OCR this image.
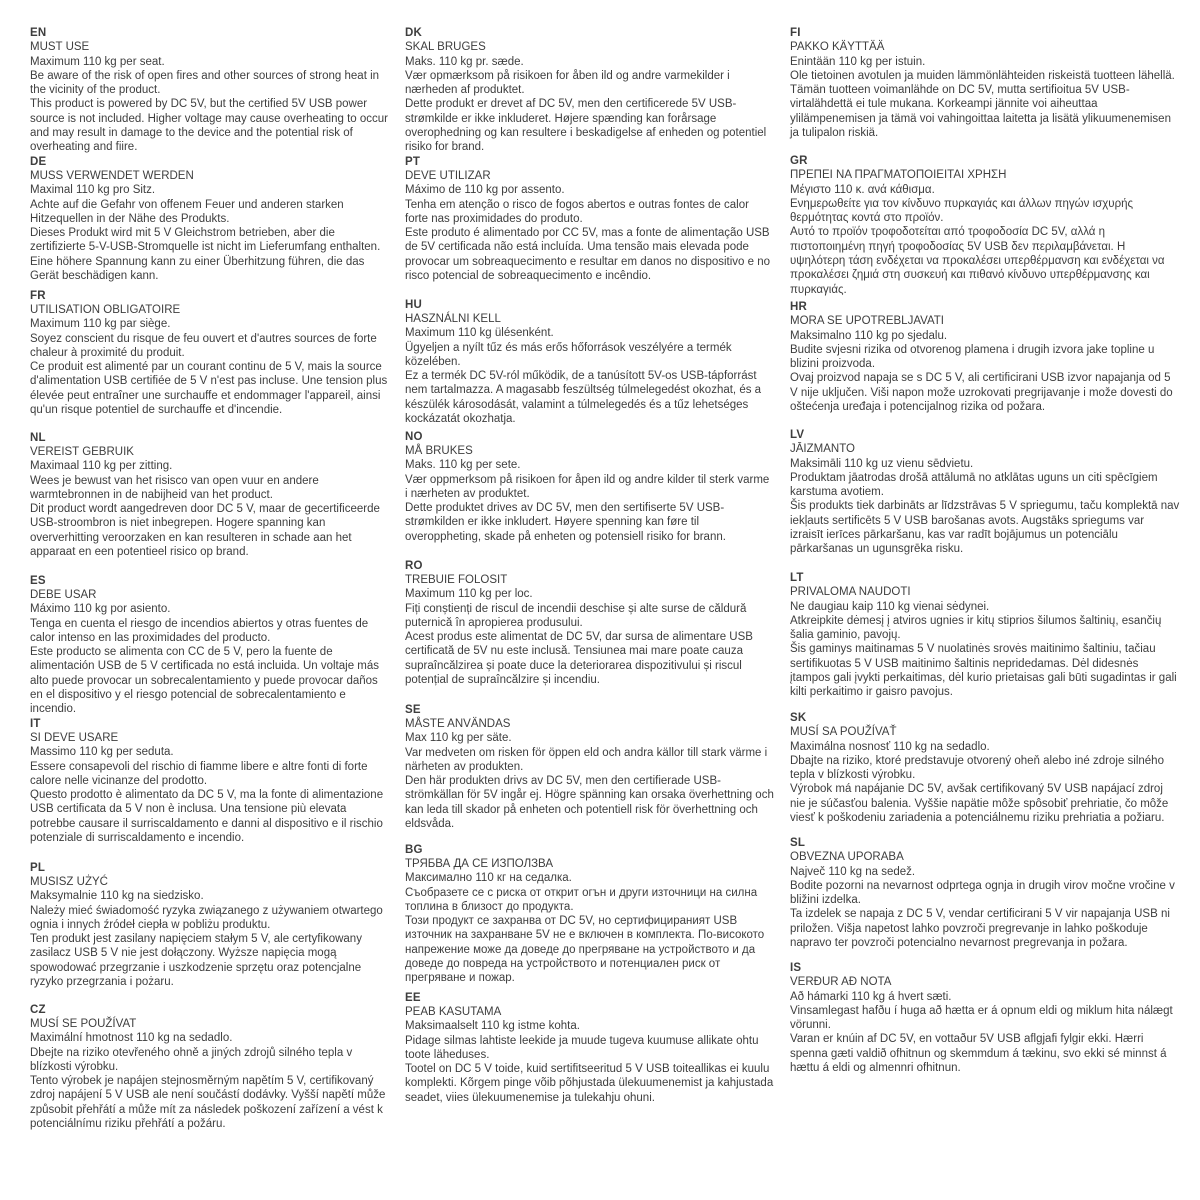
EN
MUST USE

Maximum 110 kg per seat.

Be aware of the risk of open fires and other sources of strong heat in the vicinity of the product.

This product is powered by DC 5V, but the certified 5V USB power source is not included. Higher voltage may cause overheating to occur and may result in damage to the device and the potential risk of overheating and fiire.

DE
MUSS VERWENDET WERDEN

Maximal 110 kg pro Sitz.

Achte auf die Gefahr von offenem Feuer und anderen starken Hitzequellen in der Nähe des Produkts.

Dieses Produkt wird mit 5 V Gleichstrom betrieben, aber die zertifizierte 5-V-USB-Stromquelle ist nicht im Lieferumfang enthalten. Eine höhere Spannung kann zu einer Überhitzung führen, die das Gerät beschädigen kann.

FR
UTILISATION OBLIGATOIRE

Maximum 110 kg par siège.

Soyez conscient du risque de feu ouvert et d'autres sources de forte chaleur à proximité du produit.

Ce produit est alimenté par un courant continu de 5 V, mais la source d'alimentation USB certifiée de 5 V n'est pas incluse. Une tension plus élevée peut entraîner une surchauffe et endommager l'appareil, ainsi qu'un risque potentiel de surchauffe et d'incendie.

NL
VEREIST GEBRUIK

Maximaal 110 kg per zitting.

Wees je bewust van het risisco van open vuur en andere warmtebronnen in de nabijheid van het product.

Dit product wordt aangedreven door DC 5 V, maar de gecertificeerde USB-stroombron is niet inbegrepen. Hogere spanning kan oververhitting veroorzaken en kan resulteren in schade aan het apparaat en een potentieel risico op brand.

ES
DEBE USAR

Máximo 110 kg por asiento.

Tenga en cuenta el riesgo de incendios abiertos y otras fuentes de calor intenso en las proximidades del producto.

Este producto se alimenta con CC de 5 V, pero la fuente de alimentación USB de 5 V certificada no está incluida. Un voltaje más alto puede provocar un sobrecalentamiento y puede provocar daños en el dispositivo y el riesgo potencial de sobrecalentamiento e incendio.

IT
SI DEVE USARE

Massimo 110 kg per seduta.

Essere consapevoli del rischio di fiamme libere e altre fonti di forte calore nelle vicinanze del prodotto.

Questo prodotto è alimentato da DC 5 V, ma la fonte di alimentazione USB certificata da 5 V non è inclusa. Una tensione più elevata potrebbe causare il surriscaldamento e danni al dispositivo e il rischio potenziale di surriscaldamento e incendio.

PL
MUSISZ UŻYĆ

Maksymalnie 110 kg na siedzisko.

Należy mieć świadomość ryzyka związanego z używaniem otwartego ognia i innych źródeł ciepła w pobliżu produktu.

Ten produkt jest zasilany napięciem stałym 5 V, ale certyfikowany zasilacz USB 5 V nie jest dołączony. Wyższe napięcia mogą spowodować przegrzanie i uszkodzenie sprzętu oraz potencjalne ryzyko przegrzania i pożaru.

CZ
MUSÍ SE POUŽÍVAT

Maximální hmotnost 110 kg na sedadlo.

Dbejte na riziko otevřeného ohně a jiných zdrojů silného tepla v blízkosti výrobku.

Tento výrobek je napájen stejnosměrným napětím 5 V, certifikovaný zdroj napájení 5 V USB ale není součástí dodávky. Vyšší napětí může způsobit přehřátí a může mít za následek poškození zařízení a vést k potenciálnímu riziku přehřátí a požáru.

DK
SKAL BRUGES

Maks. 110 kg pr. sæde.

Vær opmærksom på risikoen for åben ild og andre varmekilder i nærheden af produktet.

Dette produkt er drevet af DC 5V, men den certificerede 5V USB-strømkilde er ikke inkluderet. Højere spænding kan forårsage overophedning og kan resultere i beskadigelse af enheden og potentiel risiko for brand.

PT
DEVE UTILIZAR

Máximo de 110 kg por assento.

Tenha em atenção o risco de fogos abertos e outras fontes de calor forte nas proximidades do produto.

Este produto é alimentado por CC 5V, mas a fonte de alimentação USB de 5V certificada não está incluída. Uma tensão mais elevada pode provocar um sobreaquecimento e resultar em danos no dispositivo e no risco potencial de sobreaquecimento e incêndio.

HU
HASZNÁLNI KELL

Maximum 110 kg ülésenként.

Ügyeljen a nyílt tűz és más erős hőforrások veszélyére a termék közelében.

Ez a termék DC 5V-ról működik, de a tanúsított 5V-os USB-tápforrást nem tartalmazza. A magasabb feszültség túlmelegedést okozhat, és a készülék károsodását, valamint a túlmelegedés és a tűz lehetséges kockázatát okozhatja.

NO
MÅ BRUKES

Maks. 110 kg per sete.

Vær oppmerksom på risikoen for åpen ild og andre kilder til sterk varme i nærheten av produktet.

Dette produktet drives av DC 5V, men den sertifiserte 5V USB-strømkilden er ikke inkludert. Høyere spenning kan føre til overoppheting, skade på enheten og potensiell risiko for brann.

RO
TREBUIE FOLOSIT

Maximum 110 kg per loc.

Fiți conștienți de riscul de incendii deschise și alte surse de căldură puternică în apropierea produsului.

Acest produs este alimentat de DC 5V, dar sursa de alimentare USB certificată de 5V nu este inclusă. Tensiunea mai mare poate cauza supraîncălzirea și poate duce la deteriorarea dispozitivului și riscul potențial de supraîncălzire și incendiu.

SE
MÅSTE ANVÄNDAS

Max 110 kg per säte.

Var medveten om risken för öppen eld och andra källor till stark värme i närheten av produkten.

Den här produkten drivs av DC 5V, men den certifierade USB-strömkällan för 5V ingår ej. Högre spänning kan orsaka överhettning och kan leda till skador på enheten och potentiell risk för överhettning och eldsvåda.

BG
ТРЯБВА ДА СЕ ИЗПОЛЗВА

Максимално 110 кг на седалка.

Съобразете се с риска от открит огън и други източници на силна топлина в близост до продукта.

Този продукт се захранва от DC 5V, но сертифицираният USB източник на захранване 5V не е включен в комплекта. По-високото напрежение може да доведе до прегряване на устройството и да доведе до повреда на устройството и потенциален риск от прегряване и пожар.

EE
PEAB KASUTAMA

Maksimaalselt 110 kg istme kohta.

Pidage silmas lahtiste leekide ja muude tugeva kuumuse allikate ohtu toote läheduses.

Tootel on DC 5 V toide, kuid sertifitseeritud 5 V USB toiteallikas ei kuulu komplekti. Kõrgem pinge võib põhjustada ülekuumenemist ja kahjustada seadet, viies ülekuumenemise ja tulekahju ohuni.

FI
PAKKO KÄYTTÄÄ

Enintään 110 kg per istuin.

Ole tietoinen avotulen ja muiden lämmönlähteiden riskeistä tuotteen lähellä.

Tämän tuotteen voimanlähde on DC 5V, mutta sertifioitua 5V USB-virtalähdettä ei tule mukana. Korkeampi jännite voi aiheuttaa ylilämpenemisen ja tämä voi vahingoittaa laitetta ja lisätä ylikuumenemisen ja tulipalon riskiä.

GR
ΠΡΕΠΕΙ ΝΑ ΠΡΑΓΜΑΤΟΠΟΙΕΙΤΑΙ ΧΡΗΣΗ

Μέγιστο 110 κ. ανά κάθισμα.

Ενημερωθείτε για τον κίνδυνο πυρκαγιάς και άλλων πηγών ισχυρής θερμότητας κοντά στο προϊόν.

Αυτό το προϊόν τροφοδοτείται από τροφοδοσία DC 5V, αλλά η πιστοποιημένη πηγή τροφοδοσίας 5V USB δεν περιλαμβάνεται. Η υψηλότερη τάση ενδέχεται να προκαλέσει υπερθέρμανση και ενδέχεται να προκαλέσει ζημιά στη συσκευή και πιθανό κίνδυνο υπερθέρμανσης και πυρκαγιάς.

HR
MORA SE UPOTREBLJAVATI

Maksimalno 110 kg po sjedalu.

Budite svjesni rizika od otvorenog plamena i drugih izvora jake topline u blizini proizvoda.

Ovaj proizvod napaja se s DC 5 V, ali certificirani USB izvor napajanja od 5 V nije uključen. Viši napon može uzrokovati pregrijavanje i može dovesti do oštećenja uređaja i potencijalnog rizika od požara.

LV
JĀIZMANTO

Maksimāli 110 kg uz vienu sēdvietu.

Produktam jāatrodas drošā attālumā no atklātas uguns un citi spēcīgiem karstuma avotiem.

Šis produkts tiek darbināts ar līdzstrāvas 5 V spriegumu, taču komplektā nav iekļauts sertificēts 5 V USB barošanas avots. Augstāks spriegums var izraisīt ierīces pārkaršanu, kas var radīt bojājumus un potenciālu pārkaršanas un ugunsgrēka risku.

LT
PRIVALOMA NAUDOTI

Ne daugiau kaip 110 kg vienai sėdynei.

Atkreipkite dėmesį į atviros ugnies ir kitų stiprios šilumos šaltinių, esančių šalia gaminio, pavojų.

Šis gaminys maitinamas 5 V nuolatinės srovės maitinimo šaltiniu, tačiau sertifikuotas 5 V USB maitinimo šaltinis nepridedamas. Dėl didesnės įtampos gali įvykti perkaitimas, dėl kurio prietaisas gali būti sugadintas ir gali kilti perkaitimo ir gaisro pavojus.

SK
MUSÍ SA POUŽÍVAŤ

Maximálna nosnosť 110 kg na sedadlo.

Dbajte na riziko, ktoré predstavuje otvorený oheň alebo iné zdroje silného tepla v blízkosti výrobku.

Výrobok má napájanie DC 5V, avšak certifikovaný 5V USB napájací zdroj nie je súčasťou balenia. Vyššie napätie môže spôsobiť prehriatie, čo môže viesť k poškodeniu zariadenia a potenciálnemu riziku prehriatia a požiaru.

SL
OBVEZNA UPORABA

Največ 110 kg na sedež.

Bodite pozorni na nevarnost odprtega ognja in drugih virov močne vročine v bližini izdelka.

Ta izdelek se napaja z DC 5 V, vendar certificirani 5 V vir napajanja USB ni priložen. Višja napetost lahko povzroči pregrevanje in lahko poškoduje napravo ter povzroči potencialno nevarnost pregrevanja in požara.

IS
VERÐUR AÐ NOTA

Að hámarki 110 kg á hvert sæti.

Vinsamlegast hafðu í huga að hætta er á opnum eldi og miklum hita nálægt vörunni.

Varan er knúin af DC 5V, en vottaður 5V USB aflgjafi fylgir ekki. Hærri spenna gæti valdið ofhitnun og skemmdum á tækinu, svo ekki sé minnst á hættu á eldi og almennri ofhitnun.
